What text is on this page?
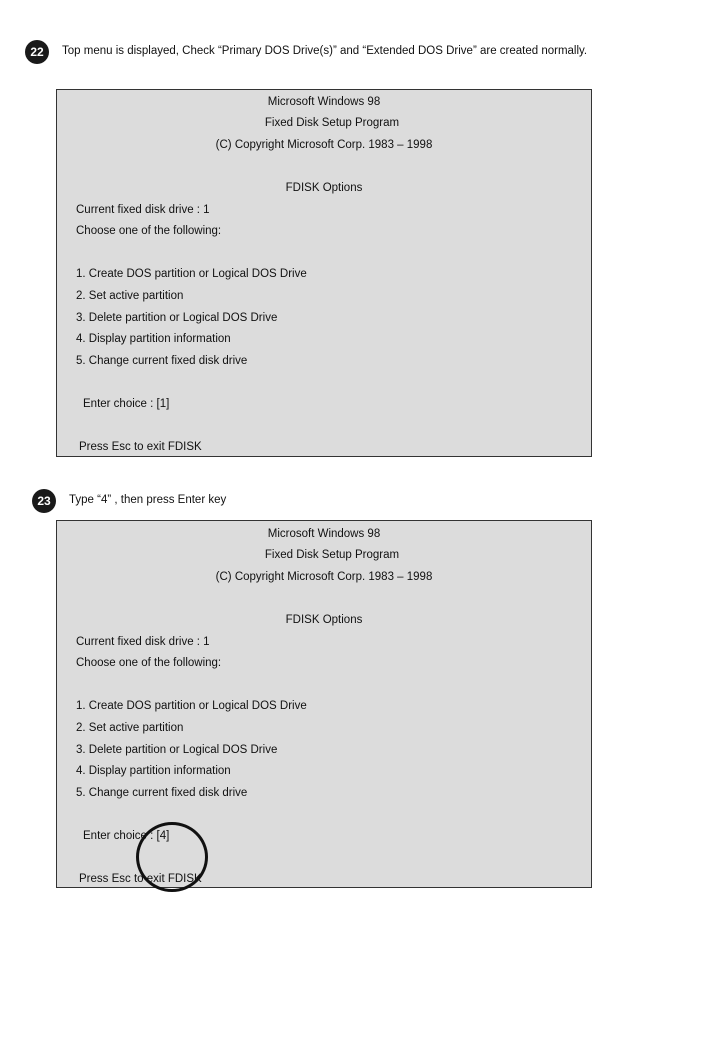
22	Top menu is displayed, Check “Primary DOS Drive(s)” and “Extended DOS Drive” are created normally.
Microsoft Windows 98
Fixed Disk Setup Program
(C) Copyright Microsoft Corp. 1983 – 1998
FDISK Options
Current fixed disk drive : 1
Choose one of the following:
1. Create DOS partition or Logical DOS Drive
2. Set active partition
3. Delete partition or Logical DOS Drive
4. Display partition information
5. Change current fixed disk drive
Enter choice : [1]
Press Esc to exit FDISK
23	Type “4” , then press Enter key
Microsoft Windows 98
Fixed Disk Setup Program
(C) Copyright Microsoft Corp. 1983 – 1998
FDISK Options
Current fixed disk drive : 1
Choose one of the following:
1. Create DOS partition or Logical DOS Drive
2. Set active partition
3. Delete partition or Logical DOS Drive
4. Display partition information
5. Change current fixed disk drive
Enter choice : [4]
Press Esc to exit FDISK
